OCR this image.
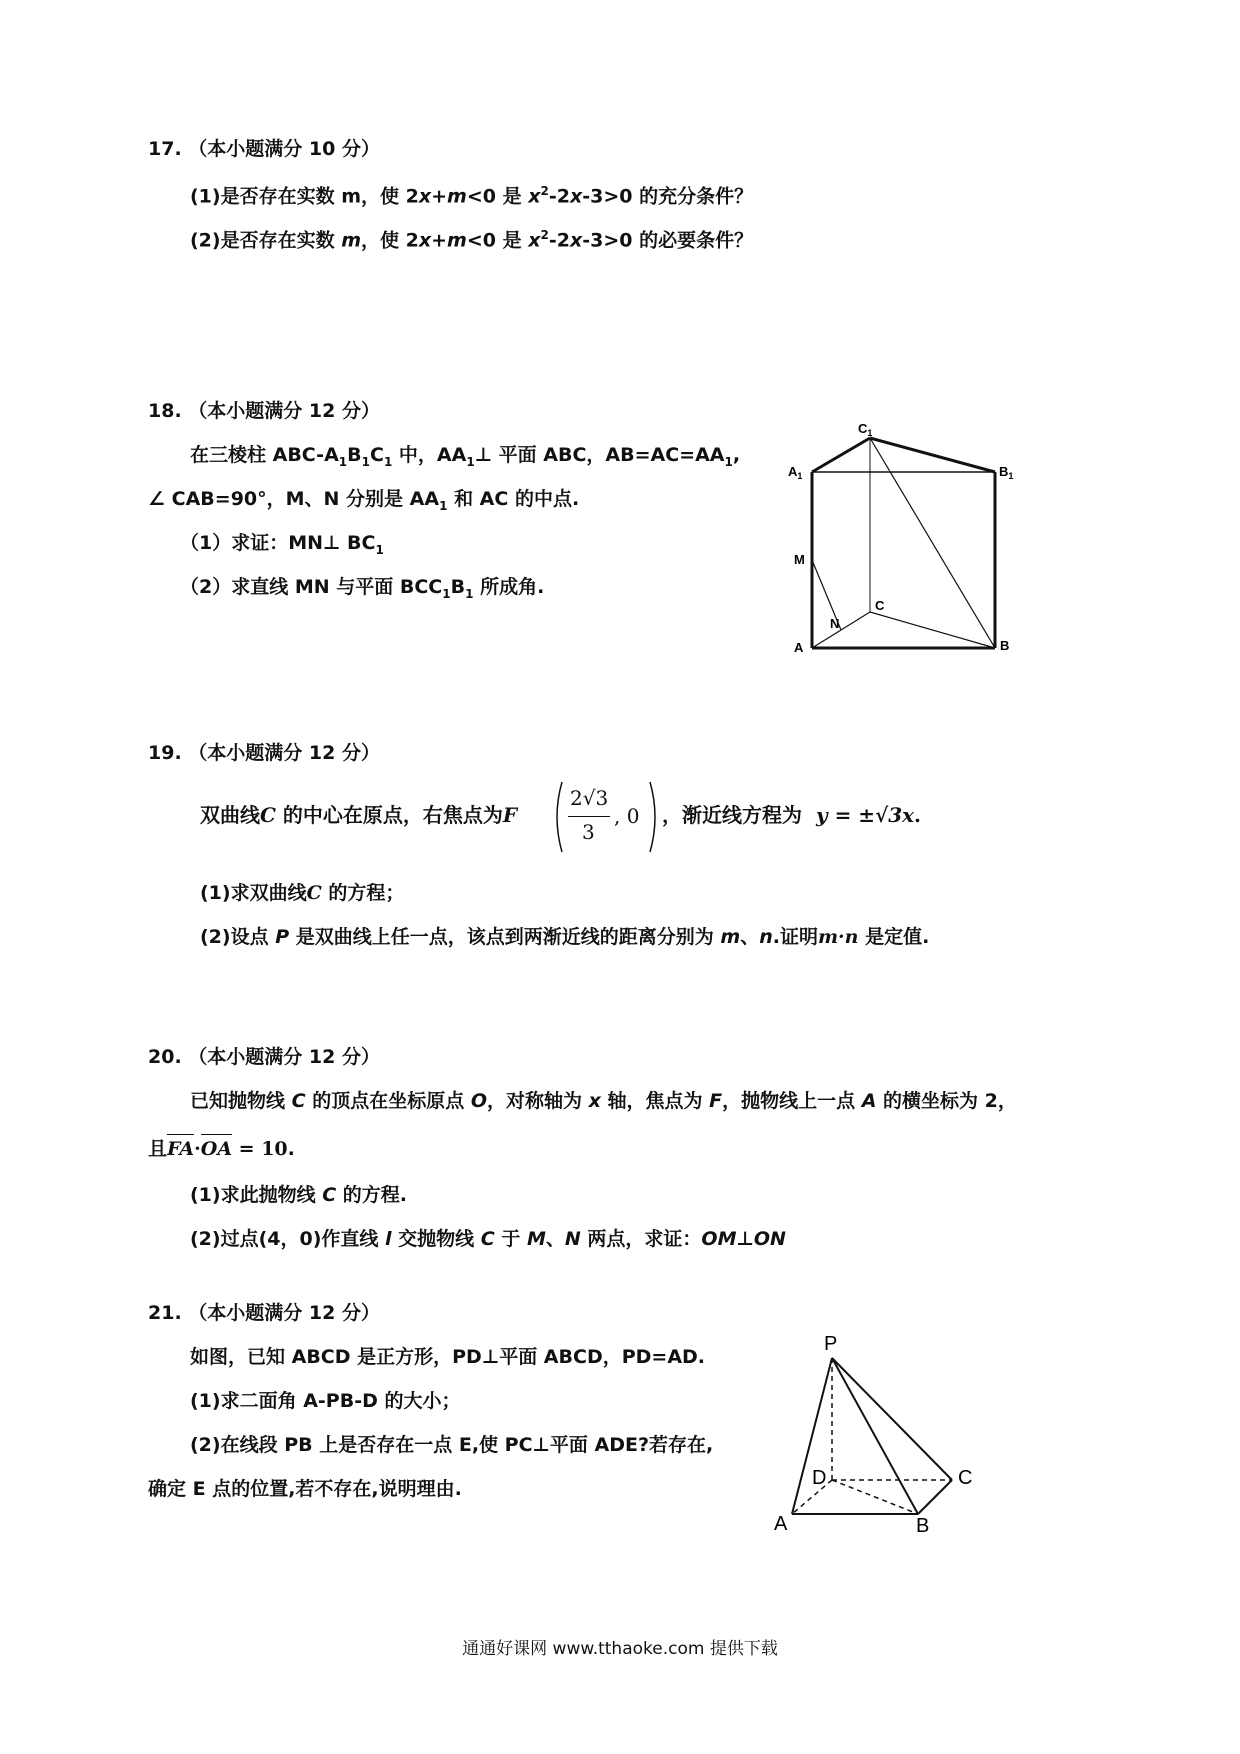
17. （本小题满分 10 分）
(1)是否存在实数 m，使 2x+m<0 是 $x^2-2x-3>0$ 的充分条件？
(2)是否存在实数 m，使 2x+m<0 是 $x^2-2x-3>0$ 的必要条件？
18. （本小题满分 12 分）
在三棱柱 ABC-$A_1B_1C_1$ 中，$AA_1\perp$ 平面 ABC，$AB=AC=AA_1$,
∠ CAB=90°，M、N 分别是 $AA_1$ 和 AC 的中点.
（1）求证：MN⊥ $BC_1$
（2）求直线 MN 与平面 $BCC_1B_1$ 所成角.
$C_1$
$A_1$	$B_1$
M
N
C
A	B
19. （本小题满分 12 分）
双曲线C 的中心在原点，右焦点为F
2√3
3
, 0 ，渐近线方程为 y = ±√3x.
(1)求双曲线C 的方程；
(2)设点 P 是双曲线上任一点，该点到两渐近线的距离分别为 m、n.证明m·n 是定值.
20. （本小题满分 12 分）
已知抛物线 C 的顶点在坐标原点 O，对称轴为 x 轴，焦点为 F，抛物线上一点 A 的横坐标为 2，
且
FA·
OA = 10.
(1)求此抛物线 C 的方程.
(2)过点(4，0)作直线 l 交抛物线 C 于 M、N 两点，求证：OM⊥ON
21. （本小题满分 12 分）
如图，已知 ABCD 是正方形，PD⊥平面 ABCD，PD=AD.
(1)求二面角 A-PB-D 的大小；
(2)在线段 PB 上是否存在一点 E,使 PC⊥平面 ADE?若存在,
确定 E 点的位置,若不存在,说明理由.
P
D	C
A	B
通通好课网 www.tthaoke.com 提供下载
